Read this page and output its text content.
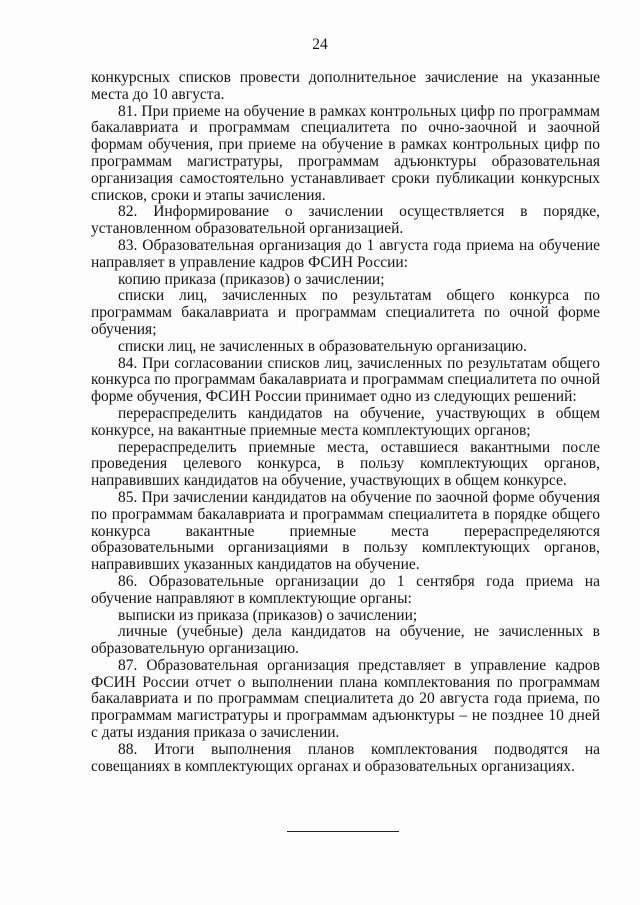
24

конкурсных списков провести дополнительное зачисление на указанные места до 10 августа.

81. При приеме на обучение в рамках контрольных цифр по программам бакалавриата и программам специалитета по очно-заочной и заочной формам обучения, при приеме на обучение в рамках контрольных цифр по программам магистратуры, программам адъюнктуры образовательная организация самостоятельно устанавливает сроки публикации конкурсных списков, сроки и этапы зачисления.

82. Информирование о зачислении осуществляется в порядке, установленном образовательной организацией.

83. Образовательная организация до 1 августа года приема на обучение направляет в управление кадров ФСИН России:

копию приказа (приказов) о зачислении;

списки лиц, зачисленных по результатам общего конкурса по программам бакалавриата и программам специалитета по очной форме обучения;

списки лиц, не зачисленных в образовательную организацию.

84. При согласовании списков лиц, зачисленных по результатам общего конкурса по программам бакалавриата и программам специалитета по очной форме обучения, ФСИН России принимает одно из следующих решений:

перераспределить кандидатов на обучение, участвующих в общем конкурсе, на вакантные приемные места комплектующих органов;

перераспределить приемные места, оставшиеся вакантными после проведения целевого конкурса, в пользу комплектующих органов, направивших кандидатов на обучение, участвующих в общем конкурсе.

85. При зачислении кандидатов на обучение по заочной форме обучения по программам бакалавриата и программам специалитета в порядке общего конкурса вакантные приемные места перераспределяются образовательными организациями в пользу комплектующих органов, направивших указанных кандидатов на обучение.

86. Образовательные организации до 1 сентября года приема на обучение направляют в комплектующие органы:

выписки из приказа (приказов) о зачислении;

личные (учебные) дела кандидатов на обучение, не зачисленных в образовательную организацию.

87. Образовательная организация представляет в управление кадров ФСИН России отчет о выполнении плана комплектования по программам бакалавриата и по программам специалитета до 20 августа года приема, по программам магистратуры и программам адъюнктуры – не позднее 10 дней с даты издания приказа о зачислении.

88. Итоги выполнения планов комплектования подводятся на совещаниях в комплектующих органах и образовательных организациях.
